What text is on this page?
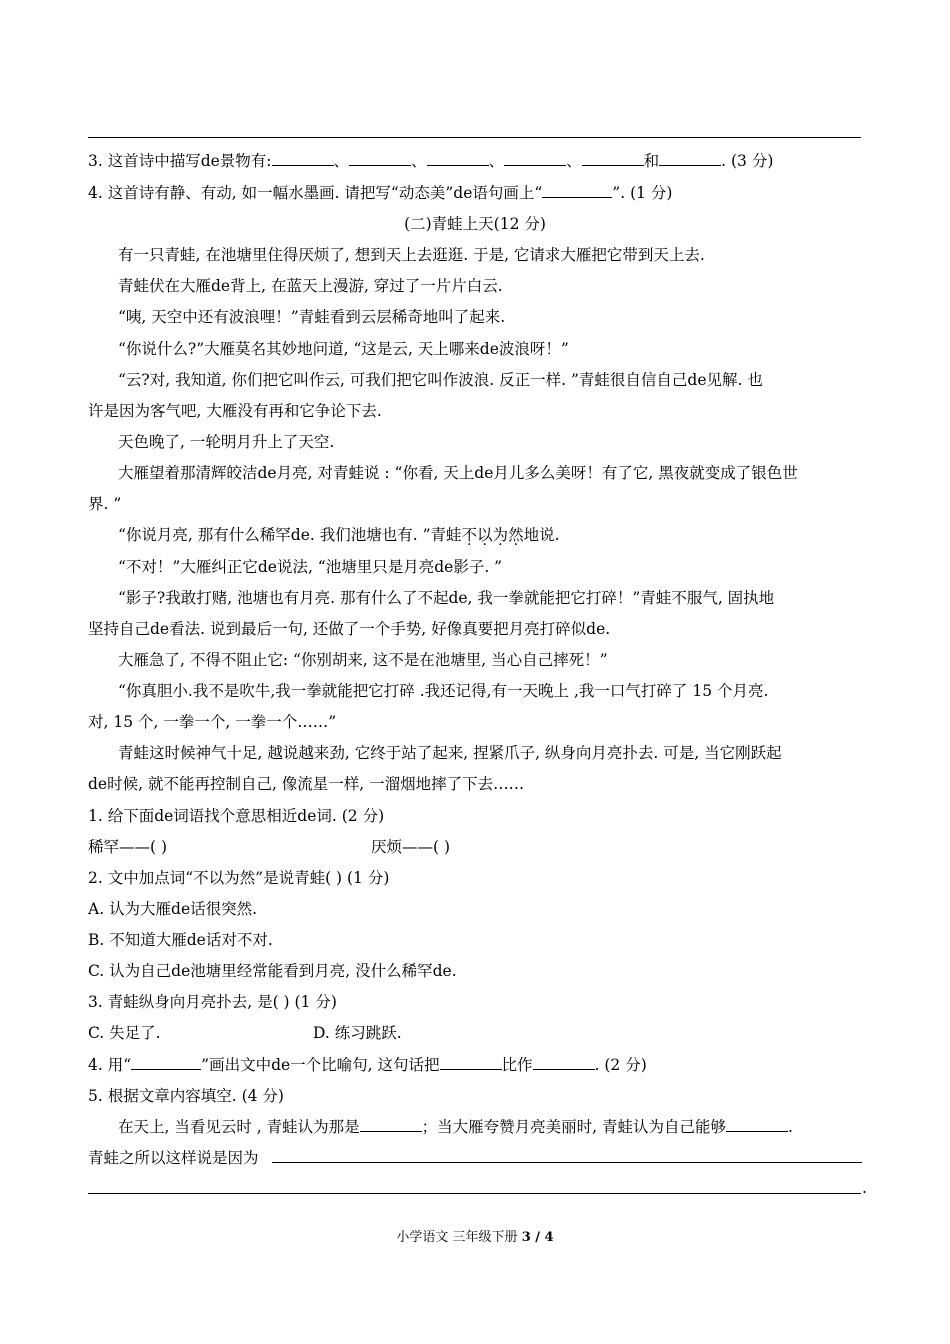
3. 这首诗中描写de景物有:	、	、	、	、	和	. (3 分)
4. 这首诗有静、有动, 如一幅水墨画. 请把写“动态美”de语句画上“	”. (1 分)
(二)青蛙上天(12 分)
有一只青蛙, 在池塘里住得厌烦了, 想到天上去逛逛. 于是, 它请求大雁把它带到天上去.
青蛙伏在大雁de背上, 在蓝天上漫游, 穿过了一片片白云.
“咦, 天空中还有波浪哩！”青蛙看到云层稀奇地叫了起来.
“你说什么?”大雁莫名其妙地问道, “这是云, 天上哪来de波浪呀！”
“云?对, 我知道, 你们把它叫作云, 可我们把它叫作波浪. 反正一样. ”青蛙很自信自己de见解. 也
许是因为客气吧, 大雁没有再和它争论下去.
天色晚了, 一轮明月升上了天空.
大雁望着那清辉皎洁de月亮, 对青蛙说 : “你看, 天上de月儿多么美呀！有了它, 黑夜就变成了银色世
界. ”
“你说月亮, 那有什么稀罕de. 我们池塘也有. ”青蛙不以为然地说.
“不对！”大雁纠正它de说法, “池塘里只是月亮de影子. ”
“影子?我敢打赌, 池塘也有月亮. 那有什么了不起de, 我一拳就能把它打碎！”青蛙不服气, 固执地
坚持自己de看法. 说到最后一句, 还做了一个手势, 好像真要把月亮打碎似de.
大雁急了, 不得不阻止它: “你别胡来, 这不是在池塘里, 当心自己摔死！”
“你真胆小.我不是吹牛,我一拳就能把它打碎 .我还记得,有一天晚上 ,我一口气打碎了 15 个月亮.
对, 15 个, 一拳一个, 一拳一个……”
青蛙这时候神气十足, 越说越来劲, 它终于站了起来, 捏紧爪子, 纵身向月亮扑去. 可是, 当它刚跃起
de时候, 就不能再控制自己, 像流星一样, 一溜烟地摔了下去……
1. 给下面de词语找个意思相近de词. (2 分)
稀罕——( )	厌烦——( )
2. 文中加点词“不以为然”是说青蛙( ) (1 分)
A. 认为大雁de话很突然.
B. 不知道大雁de话对不对.
C. 认为自己de池塘里经常能看到月亮, 没什么稀罕de.
3. 青蛙纵身向月亮扑去, 是( ) (1 分)
C. 失足了.	D. 练习跳跃.
4. 用“	”画出文中de一个比喻句, 这句话把	比作	. (2 分)
5. 根据文章内容填空. (4 分)
在天上, 当看见云时 , 青蛙认为那是	；当大雁夸赞月亮美丽时, 青蛙认为自己能够	.
青蛙之所以这样说是因为
.
小学语文 三年级下册 3 / 4
